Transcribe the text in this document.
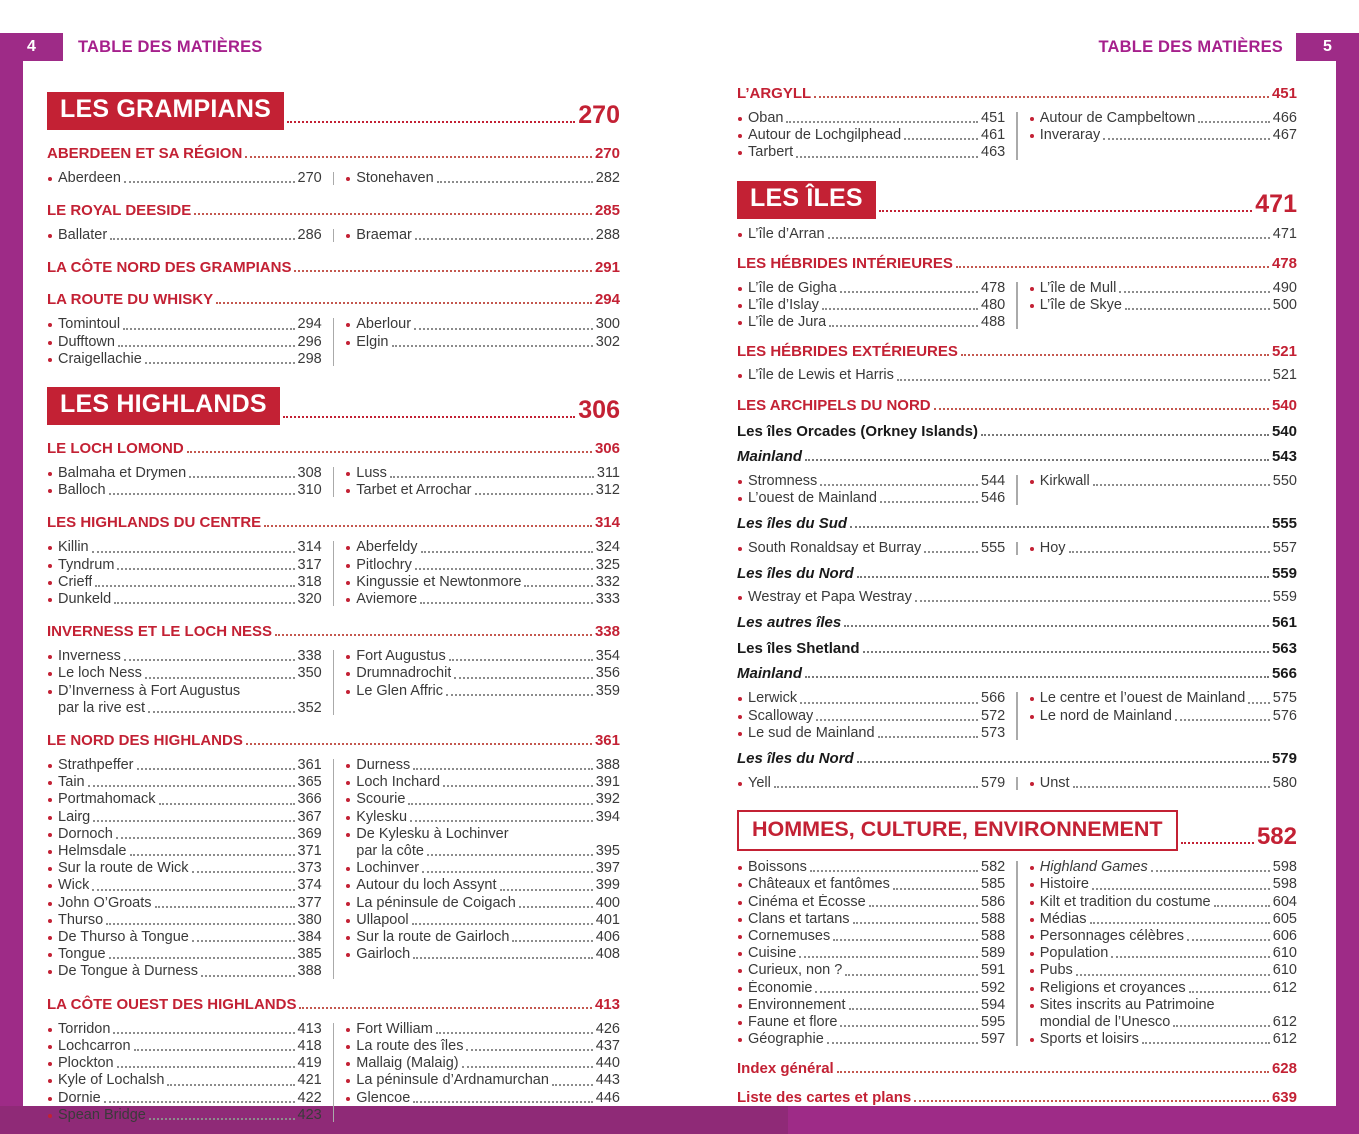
4	5
TABLE DES MATIÈRES	TABLE DES MATIÈRES
LES GRAMPIANS	270
ABERDEEN ET SA RÉGION	270
Aberdeen	270 Stonehaven	282
LE ROYAL DEESIDE	285
Ballater	286 Braemar	288
LA CÔTE NORD DES GRAMPIANS	291
LA ROUTE DU WHISKY	294
Tomintoul	294
Dufftown	296
Craigellachie	298
Aberlour	300
Elgin	302
LES HIGHLANDS	306
LE LOCH LOMOND	306
Balmaha et Drymen	308
Balloch	310
Luss	311
Tarbet et Arrochar	312
LES HIGHLANDS DU CENTRE	314
Killin	314
Tyndrum	317
Crieff	318
Dunkeld	320
Aberfeldy	324
Pitlochry	325
Kingussie et Newtonmore	332
Aviemore	333
INVERNESS ET LE LOCH NESS	338
Inverness	338
Le loch Ness	350
D’Inverness à Fort Augustus
par la rive est	352
Fort Augustus	354
Drumnadrochit	356
Le Glen Affric	359
LE NORD DES HIGHLANDS	361
Strathpeffer	361
Tain	365
Portmahomack	366
Lairg	367
Dornoch	369
Helmsdale	371
Sur la route de Wick	373
Wick	374
John O’Groats	377
Thurso	380
De Thurso à Tongue	384
Tongue	385
De Tongue à Durness	388
Durness	388
Loch Inchard	391
Scourie	392
Kylesku	394
De Kylesku à Lochinver
par la côte	395
Lochinver	397
Autour du loch Assynt	399
La péninsule de Coigach	400
Ullapool	401
Sur la route de Gairloch	406
Gairloch	408
LA CÔTE OUEST DES HIGHLANDS	413
Torridon	413
Lochcarron	418
Plockton	419
Kyle of Lochalsh	421
Dornie	422
Spean Bridge	423
Fort William	426
La route des îles	437
Mallaig (Malaig)	440
La péninsule d’Ardnamurchan	443
Glencoe	446
L’ARGYLL	451
Oban	451
Autour de Lochgilphead	461
Tarbert	463
Autour de Campbeltown	466
Inveraray	467
LES ÎLES	471
L’île d’Arran	471
LES HÉBRIDES INTÉRIEURES	478
L’île de Gigha	478
L’île d’Islay	480
L’île de Jura	488
L’île de Mull	490
L’île de Skye	500
LES HÉBRIDES EXTÉRIEURES	521
L’île de Lewis et Harris	521
LES ARCHIPELS DU NORD	540
Les îles Orcades (Orkney Islands)	540
Mainland	543
Stromness	544
L’ouest de Mainland	546
Kirkwall	550
Les îles du Sud	555
South Ronaldsay et Burray	555 Hoy	557
Les îles du Nord	559
Westray et Papa Westray	559
Les autres îles	561
Les îles Shetland	563
Mainland	566
Lerwick	566
Scalloway	572
Le sud de Mainland	573
Le centre et l’ouest de Mainland 575
Le nord de Mainland	576
Les îles du Nord	579
Yell	579 Unst	580
HOMMES, CULTURE, ENVIRONNEMENT	582
Boissons	582
Châteaux et fantômes	585
Cinéma et Écosse	586
Clans et tartans	588
Cornemuses	588
Cuisine	589
Curieux, non ?	591
Économie	592
Environnement	594
Faune et flore	595
Géographie	597
Highland Games	598
Histoire	598
Kilt et tradition du costume	604
Médias	605
Personnages célèbres	606
Population	610
Pubs	610
Religions et croyances	612
Sites inscrits au Patrimoine
mondial de l’Unesco	612
Sports et loisirs	612
Index général	628
Liste des cartes et plans	639
